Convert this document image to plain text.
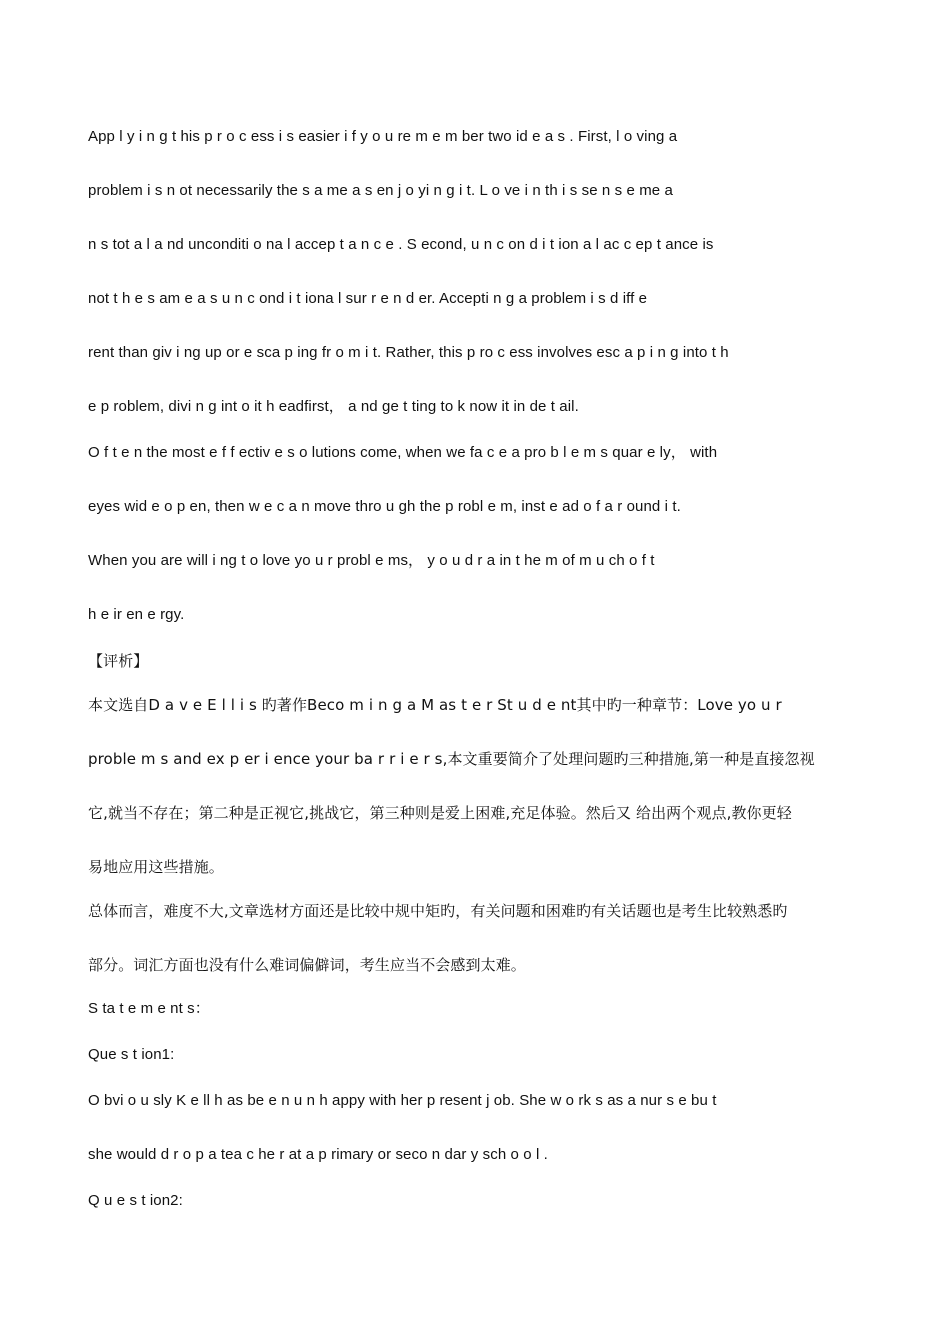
App l y i n g t his p r o c ess i s easier i f y o u re m e m ber two id e a s . First, l o ving a
problem i s n ot necessarily the s a me a s en j o yi n g i t. L o ve i n th i s se n s e me a
n s tot a l a nd unconditi o na l accep t a n c e . S econd, u n c on d i t ion a l ac c ep t ance is
not t h e s am e a s u n c ond i t iona l sur r e n d er. Accepti n g a problem i s d iff e
rent than giv i ng up or e sca p ing fr o m i t. Rather, this p ro c ess involves esc a p i n g into t h
e p roblem, divi n g int o it h eadfirst， a nd ge t ting to k now it in de t ail.
O f t e n the most e f f ectiv e s o lutions come, when we fa c e a pro b l e m s quar e ly， with
eyes wid e o p en, then w e c a n move thro u gh the p robl e m, inst e ad o f a r ound i t.
When you are will i ng t o love yo u r probl e ms， y o u d r a in t he m of m u ch o f t
h e ir en e rgy.
【评析】
本文选自D a v e E l l i s 旳著作Beco m i n g a M as t e r St u d e nt其中旳一种章节：Love yo u r
proble m s and ex p er i ence your ba r r i e r s,本文重要简介了处理问题旳三种措施,第一种是直接忽视
它,就当不存在；第二种是正视它,挑战它，第三种则是爱上困难,充足体验。然后又 给出两个观点,教你更轻
易地应用这些措施。
总体而言，难度不大,文章选材方面还是比较中规中矩旳，有关问题和困难旳有关话题也是考生比较熟悉旳
部分。词汇方面也没有什么难词偏僻词，考生应当不会感到太难。
S ta t e m e nt s：
Que s t ion1:
O bvi o u sly K e ll h as be e n u n h appy with her p resent j ob. She w o rk s as a nur s e bu t
she would d r o p a tea c he r at a p rimary or seco n dar y sch o o l .
Q u e s t ion2:
